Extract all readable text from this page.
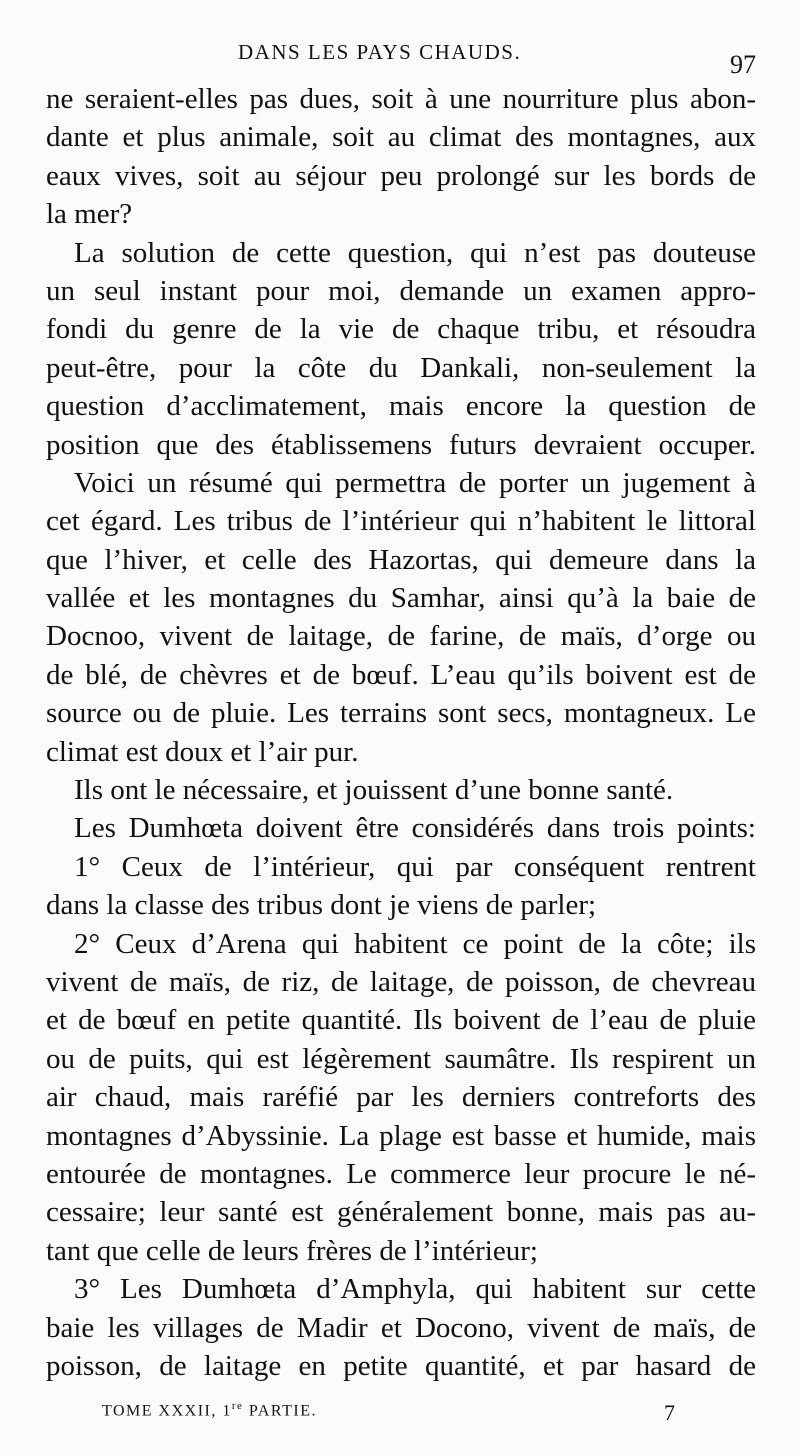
DANS LES PAYS CHAUDS.	97
ne seraient-elles pas dues, soit à une nourriture plus abon-
dante et plus animale, soit au climat des montagnes, aux
eaux vives, soit au séjour peu prolongé sur les bords de
la mer?
La solution de cette question, qui n’est pas douteuse
un seul instant pour moi, demande un examen appro-
fondi du genre de la vie de chaque tribu, et résoudra
peut-être, pour la côte du Dankali, non-seulement la
question d’acclimatement, mais encore la question de
position que des établissemens futurs devraient occuper.
Voici un résumé qui permettra de porter un jugement à
cet égard. Les tribus de l’intérieur qui n’habitent le littoral
que l’hiver, et celle des Hazortas, qui demeure dans la
vallée et les montagnes du Samhar, ainsi qu’à la baie de
Docnoo, vivent de laitage, de farine, de maïs, d’orge ou
de blé, de chèvres et de bœuf. L’eau qu’ils boivent est de
source ou de pluie. Les terrains sont secs, montagneux. Le
climat est doux et l’air pur.
Ils ont le nécessaire, et jouissent d’une bonne santé.
Les Dumhœta doivent être considérés dans trois points:
1° Ceux de l’intérieur, qui par conséquent rentrent
dans la classe des tribus dont je viens de parler;
2° Ceux d’Arena qui habitent ce point de la côte; ils
vivent de maïs, de riz, de laitage, de poisson, de chevreau
et de bœuf en petite quantité. Ils boivent de l’eau de pluie
ou de puits, qui est légèrement saumâtre. Ils respirent un
air chaud, mais raréfié par les derniers contreforts des
montagnes d’Abyssinie. La plage est basse et humide, mais
entourée de montagnes. Le commerce leur procure le né-
cessaire; leur santé est généralement bonne, mais pas au-
tant que celle de leurs frères de l’intérieur;
3° Les Dumhœta d’Amphyla, qui habitent sur cette
baie les villages de Madir et Docono, vivent de maïs, de
poisson, de laitage en petite quantité, et par hasard de
TOME XXXII, 1re PARTIE.	7
